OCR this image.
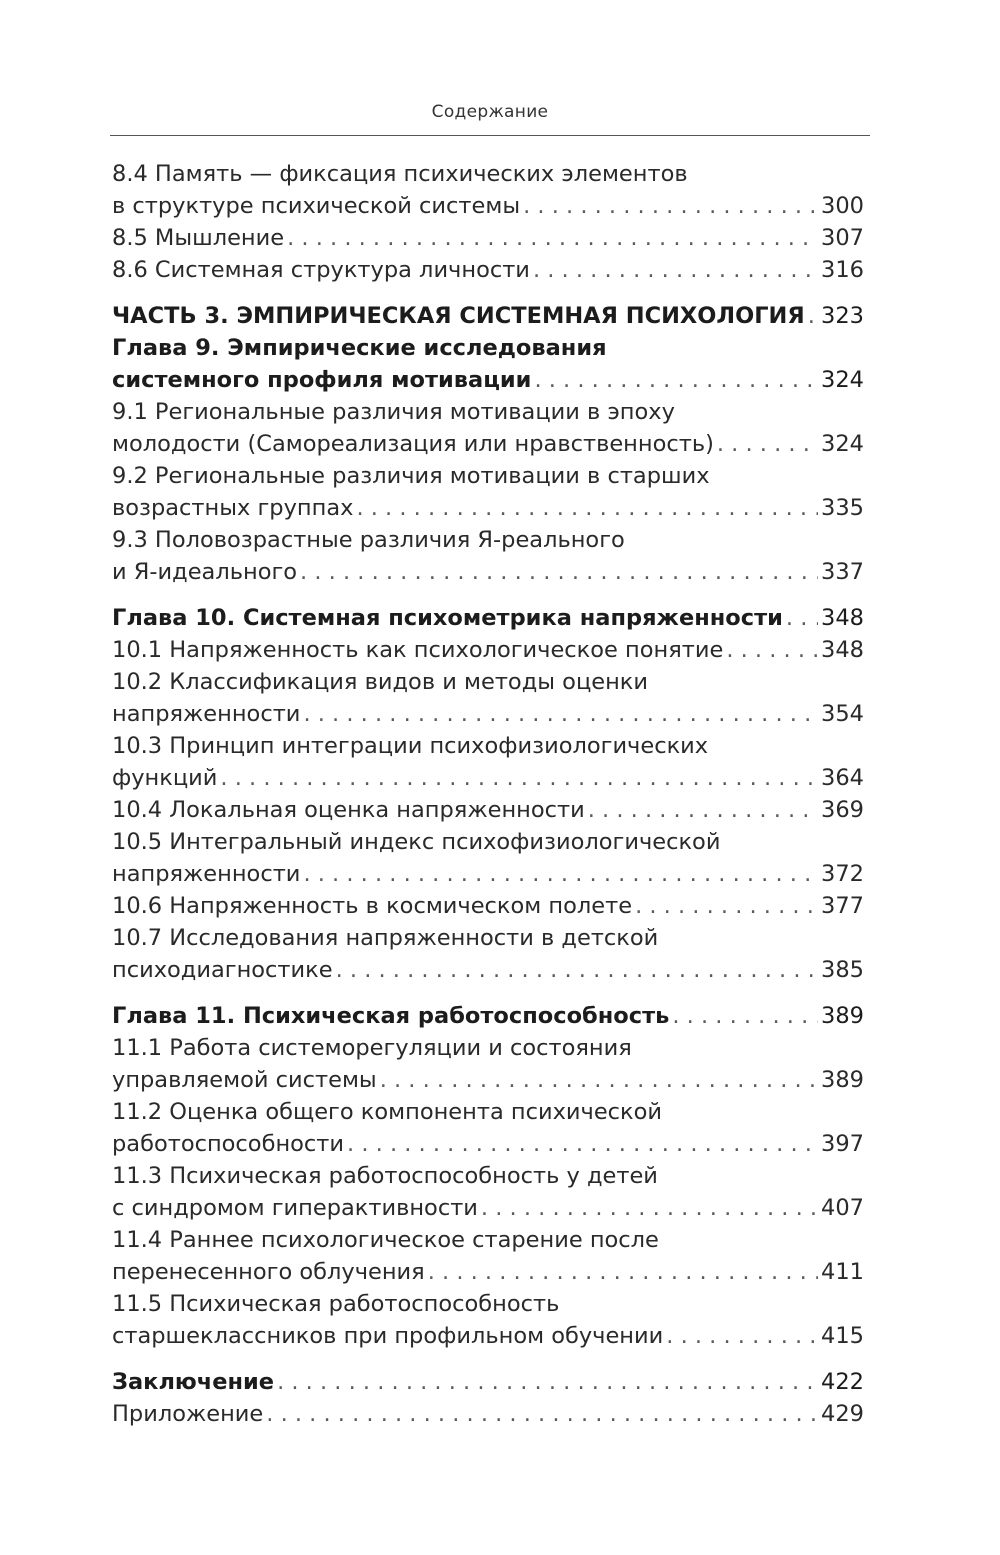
Содержание
8.4 Память — фиксация психических элементов
в структуре психической системы . . .	300
8.5 Мышление . . .	307
8.6 Системная структура личности . . .	316
ЧАСТЬ 3. ЭМПИРИЧЕСКАЯ СИСТЕМНАЯ ПСИХОЛОГИЯ . . . 323
Глава 9. Эмпирические исследования
системного профиля мотивации . . .	324
9.1 Региональные различия мотивации в эпоху
молодости (Самореализация или нравственность) . . .	324
9.2 Региональные различия мотивации в старших
возрастных группах . . .	335
9.3 Половозрастные различия Я-реального
и Я-идеального . . .	337
Глава 10. Системная психометрика напряженности . . . 348
10.1 Напряженность как психологическое понятие . . .	348
10.2 Классификация видов и методы оценки
напряженности . . .	354
10.3 Принцип интеграции психофизиологических
функций . . .	364
10.4 Локальная оценка напряженности . . .	369
10.5 Интегральный индекс психофизиологической
напряженности . . .	372
10.6 Напряженность в космическом полете . . .	377
10.7 Исследования напряженности в детской
психодиагностике . . .	385
Глава 11. Психическая работоспособность . . .	389
11.1 Работа системорегуляции и состояния
управляемой системы . . .	389
11.2 Оценка общего компонента психической
работоспособности . . .	397
11.3 Психическая работоспособность у детей
с синдромом гиперактивности . . .	407
11.4 Раннее психологическое старение после
перенесенного облучения . . .	411
11.5 Психическая работоспособность
старшеклассников при профильном обучении . . .	415
Заключение . . .	422
Приложение . . .	429
